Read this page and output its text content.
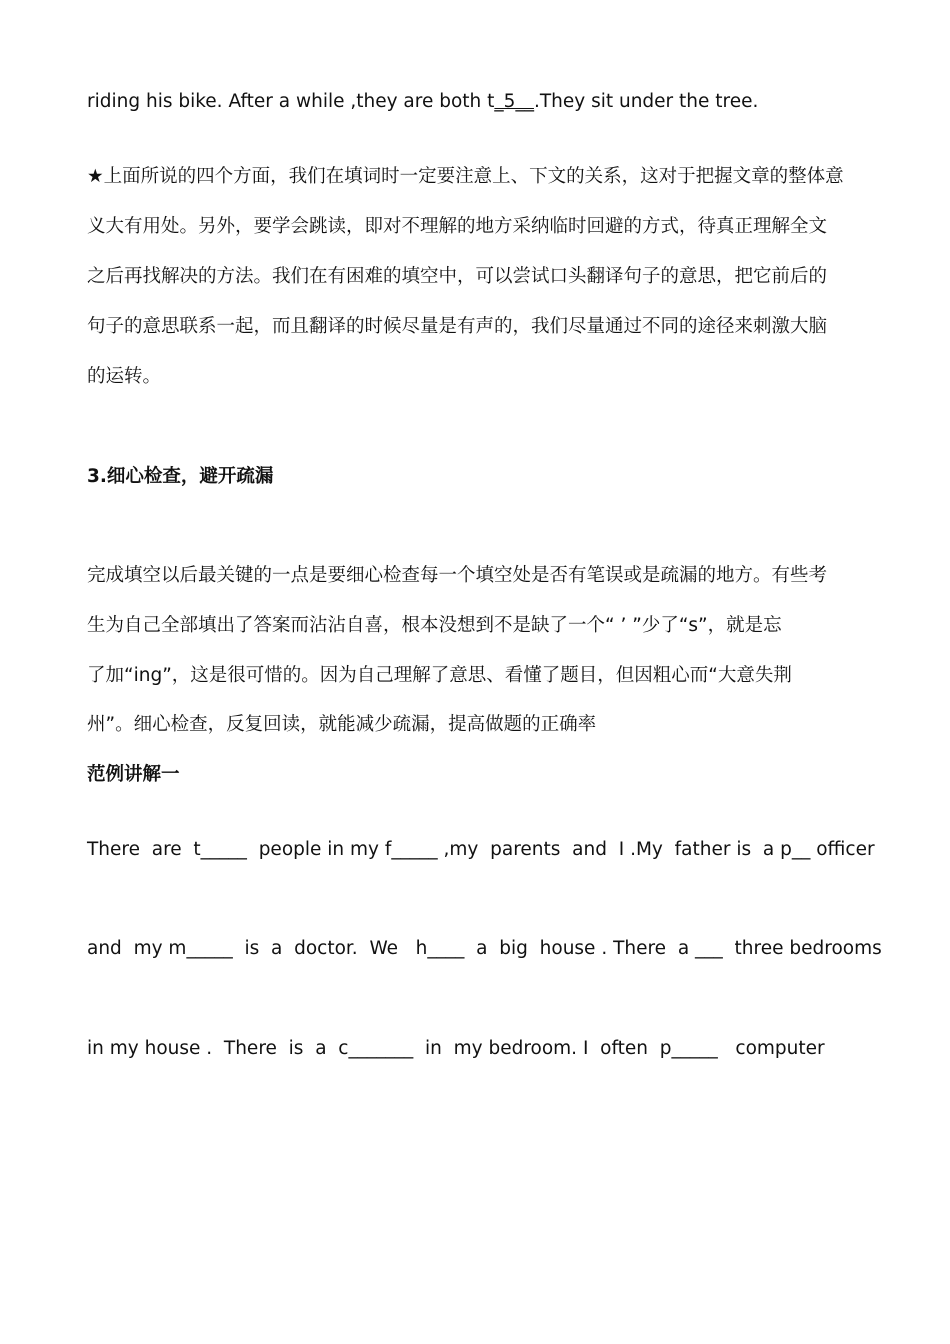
riding his bike. After a while ,they are both t_5__.They sit under the tree.
★上面所说的四个方面，我们在填词时一定要注意上、下文的关系，这对于把握文章的整体意
义大有用处。另外，要学会跳读，即对不理解的地方采纳临时回避的方式，待真正理解全文
之后再找解决的方法。我们在有困难的填空中，可以尝试口头翻译句子的意思，把它前后的
句子的意思联系一起，而且翻译的时候尽量是有声的，我们尽量通过不同的途径来刺激大脑
的运转。
3.细心检查，避开疏漏
完成填空以后最关键的一点是要细心检查每一个填空处是否有笔误或是疏漏的地方。有些考
生为自己全部填出了答案而沾沾自喜，根本没想到不是缺了一个“ ’ ”少了“s”，就是忘
了加“ing”，这是很可惜的。因为自己理解了意思、看懂了题目，但因粗心而“大意失荆
州”。细心检查，反复回读，就能减少疏漏，提高做题的正确率
范例讲解一
There  are  t_____  people in my f_____ ,my  parents  and  I .My  father is  a p__ officer
and  my m_____  is  a  doctor.  We   h____  a  big  house . There  a ___  three bedrooms
in my house .  There  is  a  c_______  in  my bedroom. I  often  p_____   computer
